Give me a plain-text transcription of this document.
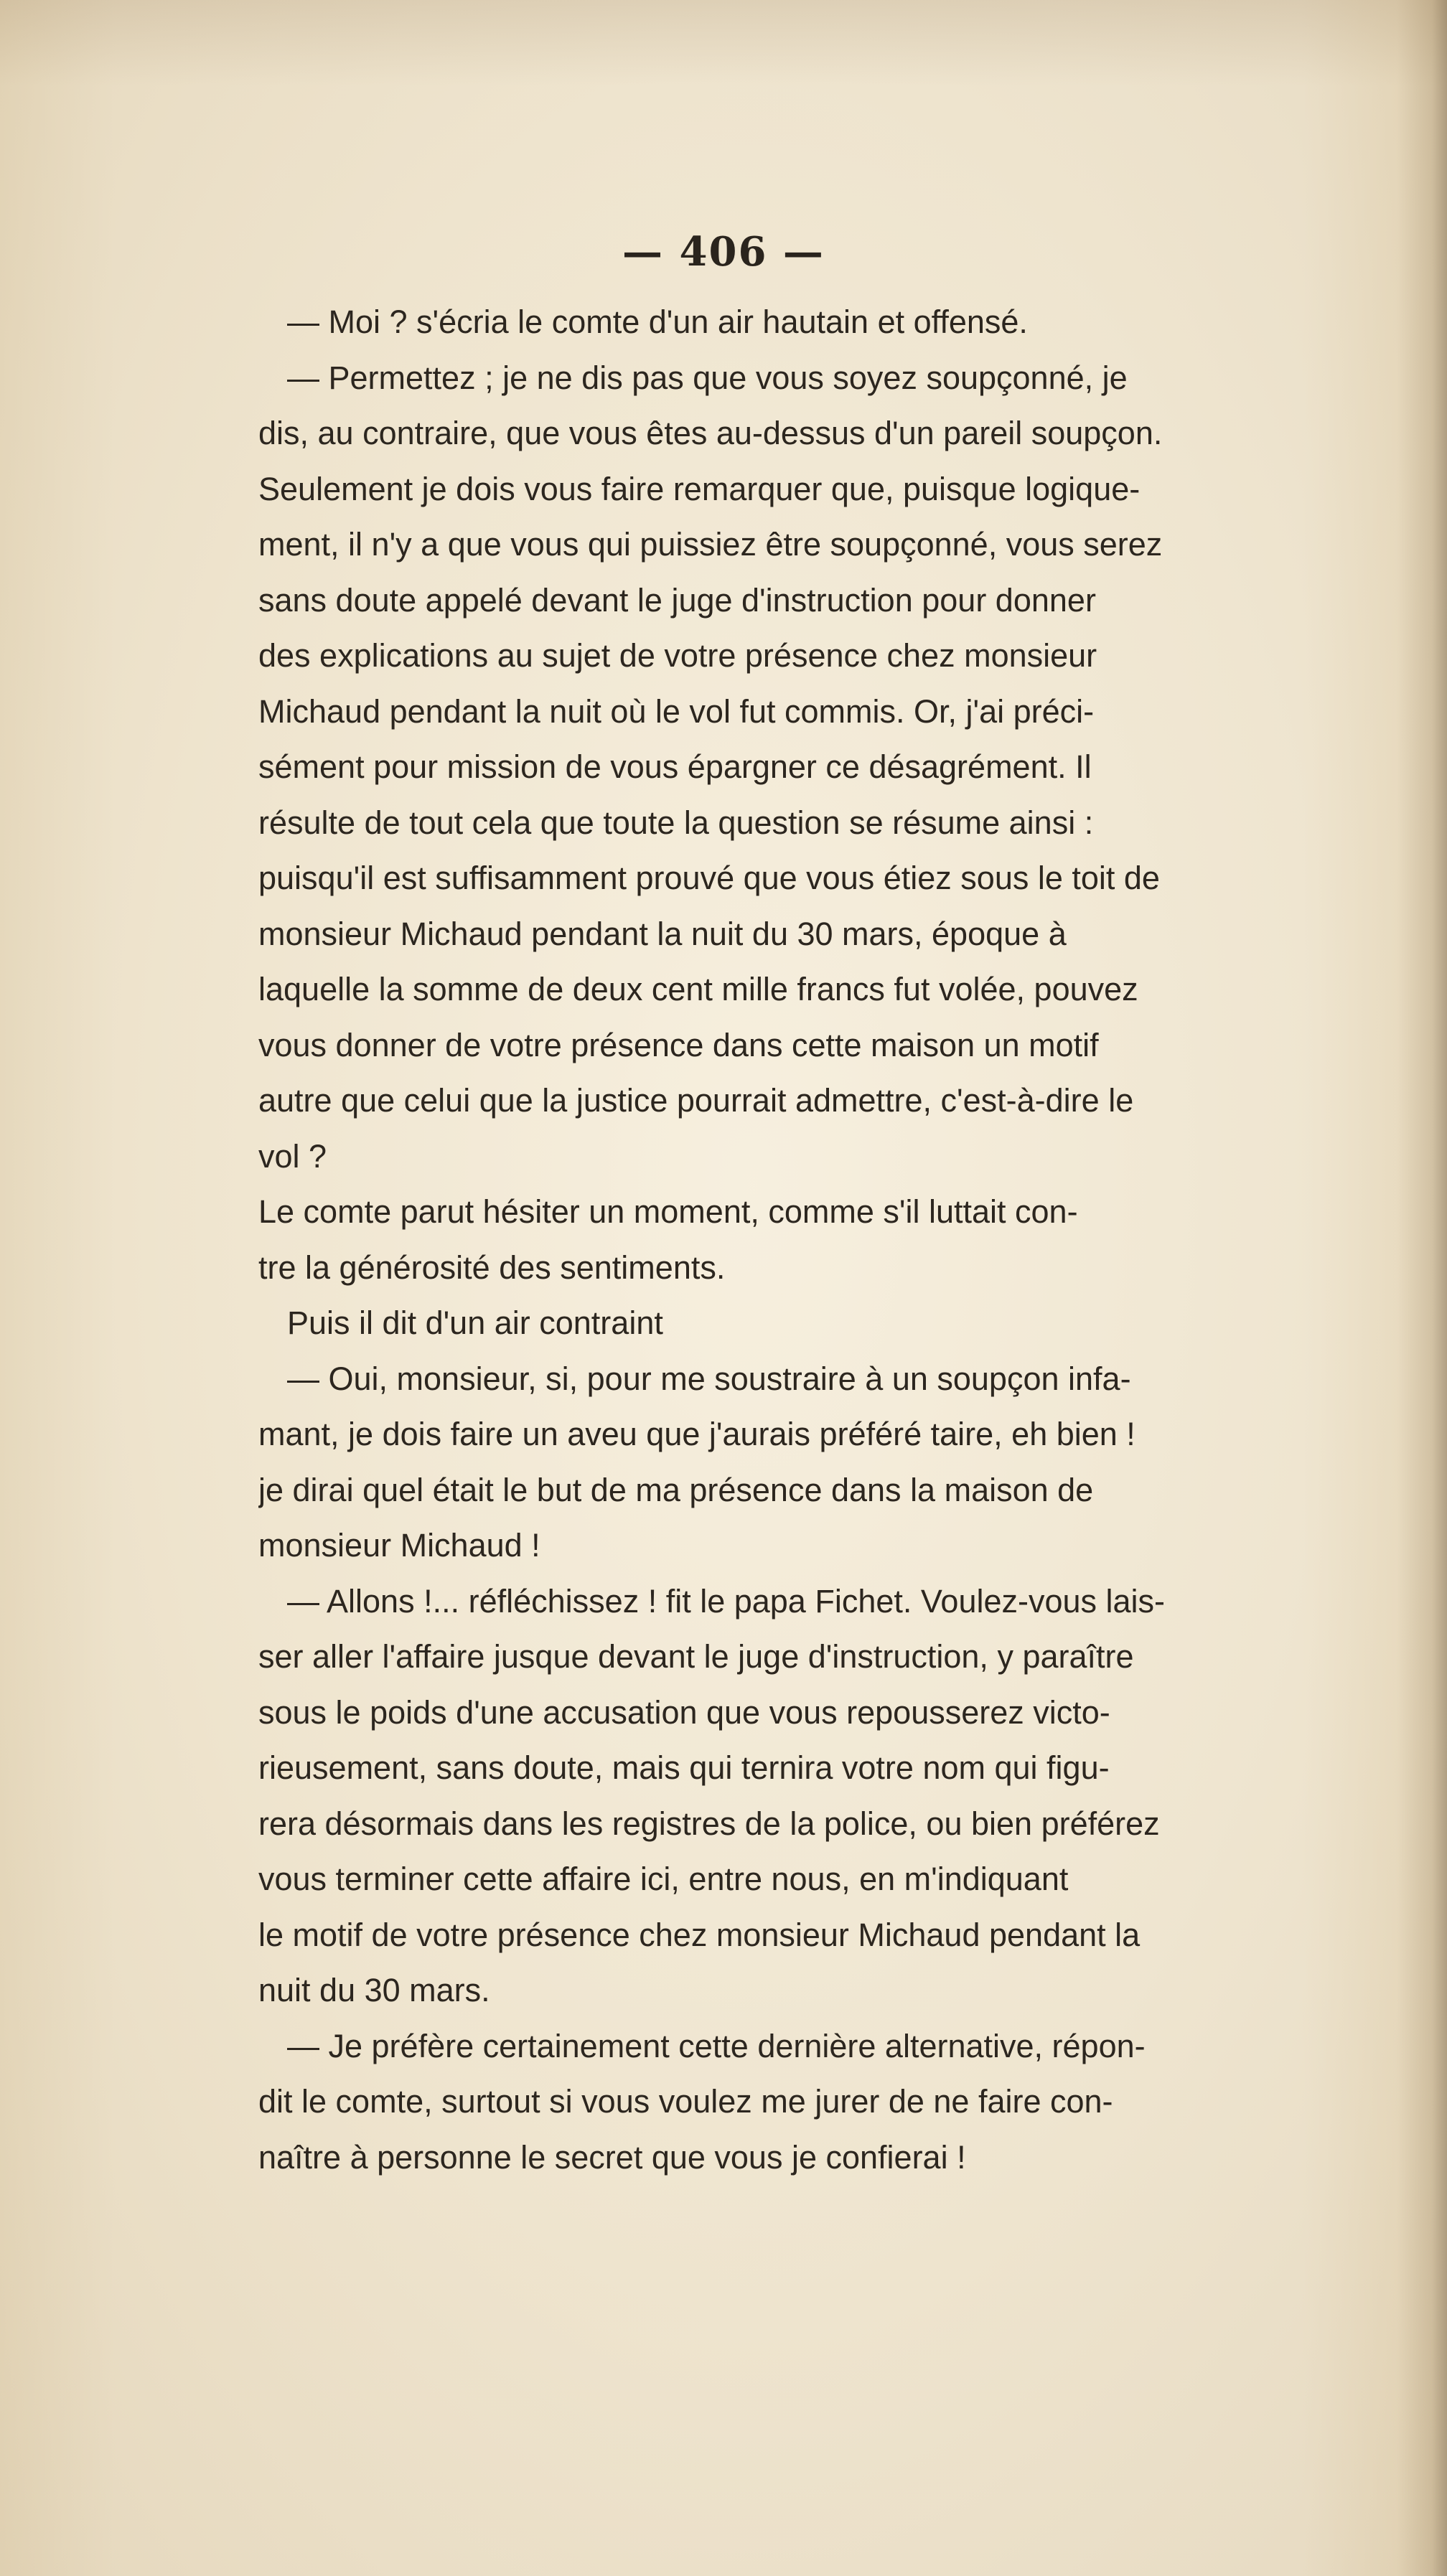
— 406 —
— Moi ? s'écria le comte d'un air hautain et offensé.
— Permettez ; je ne dis pas que vous soyez soupçonné, je
dis, au contraire, que vous êtes au-dessus d'un pareil soupçon.
Seulement je dois vous faire remarquer que, puisque logique-
ment, il n'y a que vous qui puissiez être soupçonné, vous serez
sans doute appelé devant le juge d'instruction pour donner
des explications au sujet de votre présence chez monsieur
Michaud pendant la nuit où le vol fut commis. Or, j'ai préci-
sément pour mission de vous épargner ce désagrément. Il
résulte de tout cela que toute la question se résume ainsi :
puisqu'il est suffisamment prouvé que vous étiez sous le toit de
monsieur Michaud pendant la nuit du 30 mars, époque à
laquelle la somme de deux cent mille francs fut volée, pouvez
vous donner de votre présence dans cette maison un motif
autre que celui que la justice pourrait admettre, c'est-à-dire le
vol ?
Le comte parut hésiter un moment, comme s'il luttait con-
tre la générosité des sentiments.
Puis il dit d'un air contraint
— Oui, monsieur, si, pour me soustraire à un soupçon infa-
mant, je dois faire un aveu que j'aurais préféré taire, eh bien !
je dirai quel était le but de ma présence dans la maison de
monsieur Michaud !
— Allons !... réfléchissez ! fit le papa Fichet. Voulez-vous lais-
ser aller l'affaire jusque devant le juge d'instruction, y paraître
sous le poids d'une accusation que vous repousserez victo-
rieusement, sans doute, mais qui ternira votre nom qui figu-
rera désormais dans les registres de la police, ou bien préférez
vous terminer cette affaire ici, entre nous, en m'indiquant
le motif de votre présence chez monsieur Michaud pendant la
nuit du 30 mars.
— Je préfère certainement cette dernière alternative, répon-
dit le comte, surtout si vous voulez me jurer de ne faire con-
naître à personne le secret que vous je confierai !
